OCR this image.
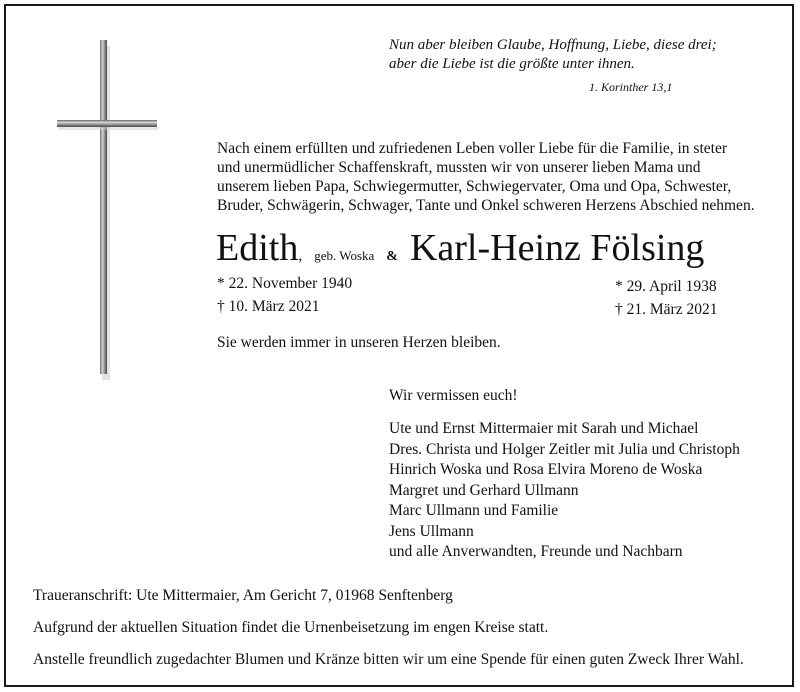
Nun aber bleiben Glaube, Hoffnung, Liebe, diese drei;
aber die Liebe ist die größte unter ihnen.
1. Korinther 13,1
Nach einem erfüllten und zufriedenen Leben voller Liebe für die Familie, in steter
und unermüdlicher Schaffenskraft, mussten wir von unserer lieben Mama und
unserem lieben Papa, Schwiegermutter, Schwiegervater, Oma und Opa, Schwester,
Bruder, Schwägerin, Schwager, Tante und Onkel schweren Herzens Abschied nehmen.
Edith, geb. Woska & Karl-Heinz Fölsing
* 22. November 1940
† 10. März 2021
* 29. April 1938
† 21. März 2021
Sie werden immer in unseren Herzen bleiben.
Wir vermissen euch!
Ute und Ernst Mittermaier mit Sarah und Michael
Dres. Christa und Holger Zeitler mit Julia und Christoph
Hinrich Woska und Rosa Elvira Moreno de Woska
Margret und Gerhard Ullmann
Marc Ullmann und Familie
Jens Ullmann
und alle Anverwandten, Freunde und Nachbarn
Traueranschrift: Ute Mittermaier, Am Gericht 7, 01968 Senftenberg
Aufgrund der aktuellen Situation findet die Urnenbeisetzung im engen Kreise statt.
Anstelle freundlich zugedachter Blumen und Kränze bitten wir um eine Spende für einen guten Zweck Ihrer Wahl.
